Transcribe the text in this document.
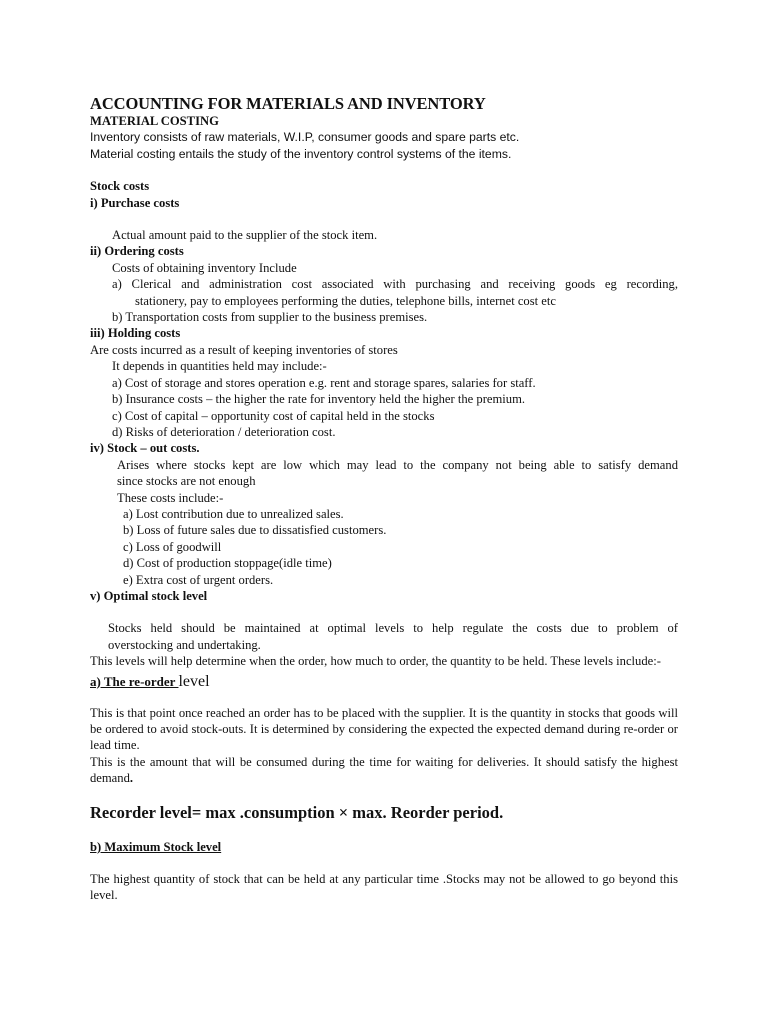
ACCOUNTING FOR MATERIALS AND INVENTORY
MATERIAL COSTING
Inventory consists of raw materials, W.I.P, consumer goods and spare parts etc.
Material costing entails the study of the inventory control systems of the items.
Stock costs
i) Purchase costs
Actual amount paid to the supplier of the stock item.
ii) Ordering costs
Costs of obtaining inventory Include
a) Clerical and administration cost associated with purchasing and receiving goods eg recording,
stationery, pay to employees performing the duties, telephone bills, internet cost etc
b) Transportation costs from supplier to the business premises.
iii) Holding costs
Are costs incurred as a result of keeping inventories of stores
It depends in quantities held may include:-
a) Cost of storage and stores operation e.g. rent and storage spares, salaries for staff.
b) Insurance costs – the higher the rate for inventory held the higher the premium.
c) Cost of capital – opportunity cost of capital held in the stocks
d) Risks of deterioration / deterioration cost.
iv) Stock – out costs.
Arises where stocks kept are low which may lead to the company not being able to satisfy demand
since stocks are not enough
These costs include:-
a) Lost contribution due to unrealized sales.
b) Loss of future sales due to dissatisfied customers.
c) Loss of goodwill
d) Cost of production stoppage(idle time)
e) Extra cost of urgent orders.
v) Optimal stock level
Stocks held should be maintained at optimal levels to help regulate the costs due to problem of
overstocking and undertaking.
This levels will help determine when the order, how much to order, the quantity to be held. These levels include:-
a) The re-order level
This is that point once reached an order has to be placed with the supplier. It is the quantity in stocks that goods will be ordered to avoid stock-outs. It is determined by considering the expected the expected demand during re-order or lead time.
This is the amount that will be consumed during the time for waiting for deliveries. It should satisfy the highest demand.
Recorder level= max .consumption × max. Reorder period.
b) Maximum Stock level
The highest quantity of stock that can be held at any particular time .Stocks may not be allowed to go beyond this level.
